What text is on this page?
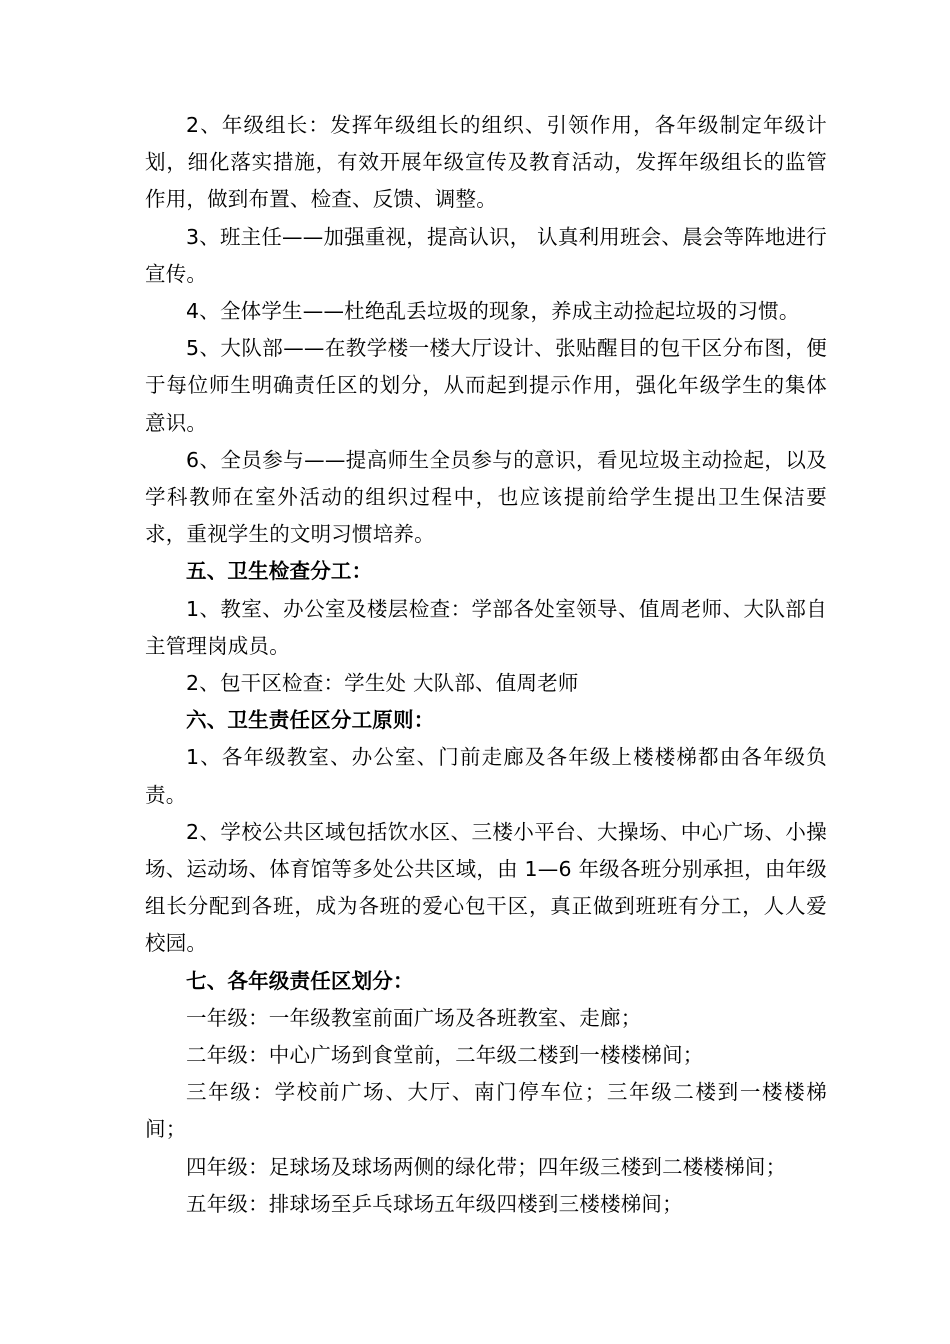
2、年级组长：发挥年级组长的组织、引领作用，各年级制定年级计划，细化落实措施，有效开展年级宣传及教育活动，发挥年级组长的监管作用，做到布置、检查、反馈、调整。

3、班主任——加强重视，提高认识， 认真利用班会、晨会等阵地进行宣传。

4、全体学生——杜绝乱丢垃圾的现象，养成主动捡起垃圾的习惯。

5、大队部——在教学楼一楼大厅设计、张贴醒目的包干区分布图，便于每位师生明确责任区的划分，从而起到提示作用，强化年级学生的集体意识。

6、全员参与——提高师生全员参与的意识，看见垃圾主动捡起，以及学科教师在室外活动的组织过程中，也应该提前给学生提出卫生保洁要求，重视学生的文明习惯培养。

五、卫生检查分工：

1、教室、办公室及楼层检查：学部各处室领导、值周老师、大队部自主管理岗成员。

2、包干区检查：学生处 大队部、值周老师

六、卫生责任区分工原则：

1、各年级教室、办公室、门前走廊及各年级上楼楼梯都由各年级负责。

2、学校公共区域包括饮水区、三楼小平台、大操场、中心广场、小操场、运动场、体育馆等多处公共区域，由 1—6 年级各班分别承担，由年级组长分配到各班，成为各班的爱心包干区，真正做到班班有分工，人人爱校园。

七、各年级责任区划分：

一年级：一年级教室前面广场及各班教室、走廊；

二年级：中心广场到食堂前，二年级二楼到一楼楼梯间；

三年级：学校前广场、大厅、南门停车位；三年级二楼到一楼楼梯间；

四年级：足球场及球场两侧的绿化带；四年级三楼到二楼楼梯间；

五年级：排球场至乒乓球场五年级四楼到三楼楼梯间；
